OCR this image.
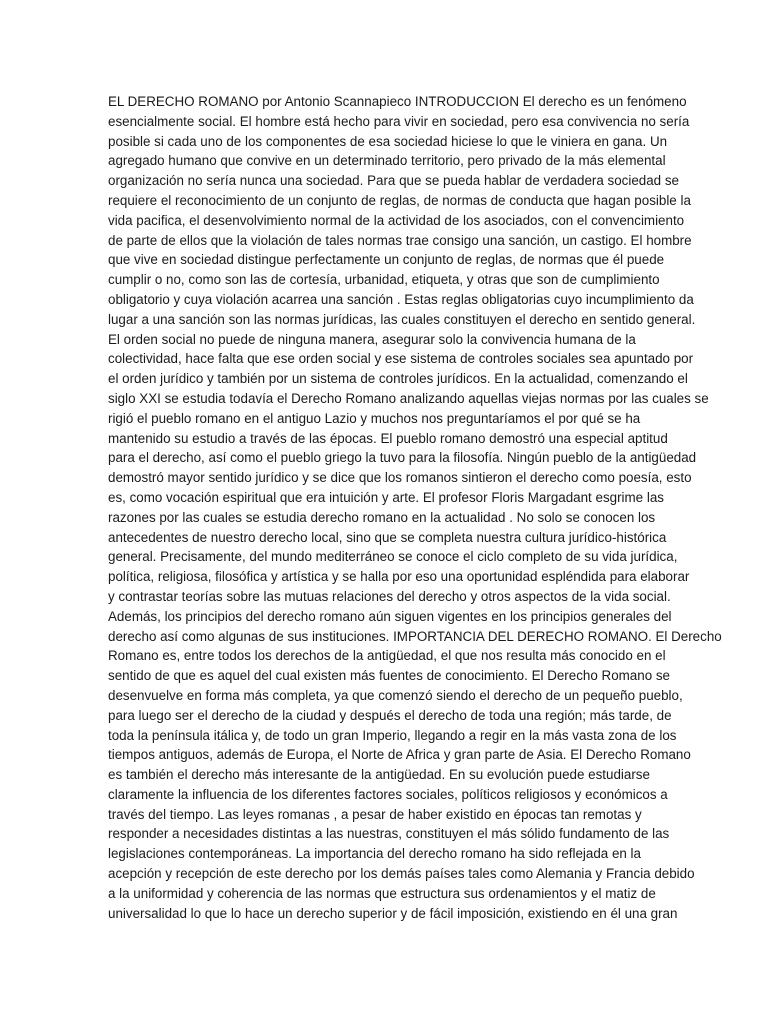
EL DERECHO ROMANO por Antonio Scannapieco INTRODUCCION El derecho es un fenómeno
esencialmente social. El hombre está hecho para vivir en sociedad, pero esa convivencia no sería
posible si cada uno de los componentes de esa sociedad hiciese lo que le viniera en gana. Un
agregado humano que convive en un determinado territorio, pero privado de la más elemental
organización no sería nunca una sociedad. Para que se pueda hablar de verdadera sociedad se
requiere el reconocimiento de un conjunto de reglas, de normas de conducta que hagan posible la
vida pacifica, el desenvolvimiento normal de la actividad de los asociados, con el convencimiento
de parte de ellos que la violación de tales normas trae consigo una sanción, un castigo. El hombre
que vive en sociedad distingue perfectamente un conjunto de reglas, de normas que él puede
cumplir o no, como son las de cortesía, urbanidad, etiqueta, y otras que son de cumplimiento
obligatorio y cuya violación acarrea una sanción . Estas reglas obligatorias cuyo incumplimiento da
lugar a una sanción son las normas jurídicas, las cuales constituyen el derecho en sentido general.
El orden social no puede de ninguna manera, asegurar solo la convivencia humana de la
colectividad, hace falta que ese orden social y ese sistema de controles sociales sea apuntado por
el orden jurídico y también por un sistema de controles jurídicos. En la actualidad, comenzando el
siglo XXI se estudia todavía el Derecho Romano analizando aquellas viejas normas por las cuales se
rigió el pueblo romano en el antiguo Lazio y muchos nos preguntaríamos el por qué se ha
mantenido su estudio a través de las épocas. El pueblo romano demostró una especial aptitud
para el derecho, así como el pueblo griego la tuvo para la filosofía. Ningún pueblo de la antigüedad
demostró mayor sentido jurídico y se dice que los romanos sintieron el derecho como poesía, esto
es, como vocación espiritual que era intuición y arte. El profesor Floris Margadant esgrime las
razones por las cuales se estudia derecho romano en la actualidad . No solo se conocen los
antecedentes de nuestro derecho local, sino que se completa nuestra cultura jurídico-histórica
general. Precisamente, del mundo mediterráneo se conoce el ciclo completo de su vida jurídica,
política, religiosa, filosófica y artística y se halla por eso una oportunidad espléndida para elaborar
y contrastar teorías sobre las mutuas relaciones del derecho y otros aspectos de la vida social.
Además, los principios del derecho romano aún siguen vigentes en los principios generales del
derecho así como algunas de sus instituciones. IMPORTANCIA DEL DERECHO ROMANO. El Derecho
Romano es, entre todos los derechos de la antigüedad, el que nos resulta más conocido en el
sentido de que es aquel del cual existen más fuentes de conocimiento. El Derecho Romano se
desenvuelve en forma más completa, ya que comenzó siendo el derecho de un pequeño pueblo,
para luego ser el derecho de la ciudad y después el derecho de toda una región; más tarde, de
toda la península itálica y, de todo un gran Imperio, llegando a regir en la más vasta zona de los
tiempos antiguos, además de Europa, el Norte de Africa y gran parte de Asia. El Derecho Romano
es también el derecho más interesante de la antigüedad. En su evolución puede estudiarse
claramente la influencia de los diferentes factores sociales, políticos religiosos y económicos a
través del tiempo. Las leyes romanas , a pesar de haber existido en épocas tan remotas y
responder a necesidades distintas a las nuestras, constituyen el más sólido fundamento de las
legislaciones contemporáneas. La importancia del derecho romano ha sido reflejada en la
acepción y recepción de este derecho por los demás países tales como Alemania y Francia debido
a la uniformidad y coherencia de las normas que estructura sus ordenamientos y el matiz de
universalidad lo que lo hace un derecho superior y de fácil imposición, existiendo en él una gran
